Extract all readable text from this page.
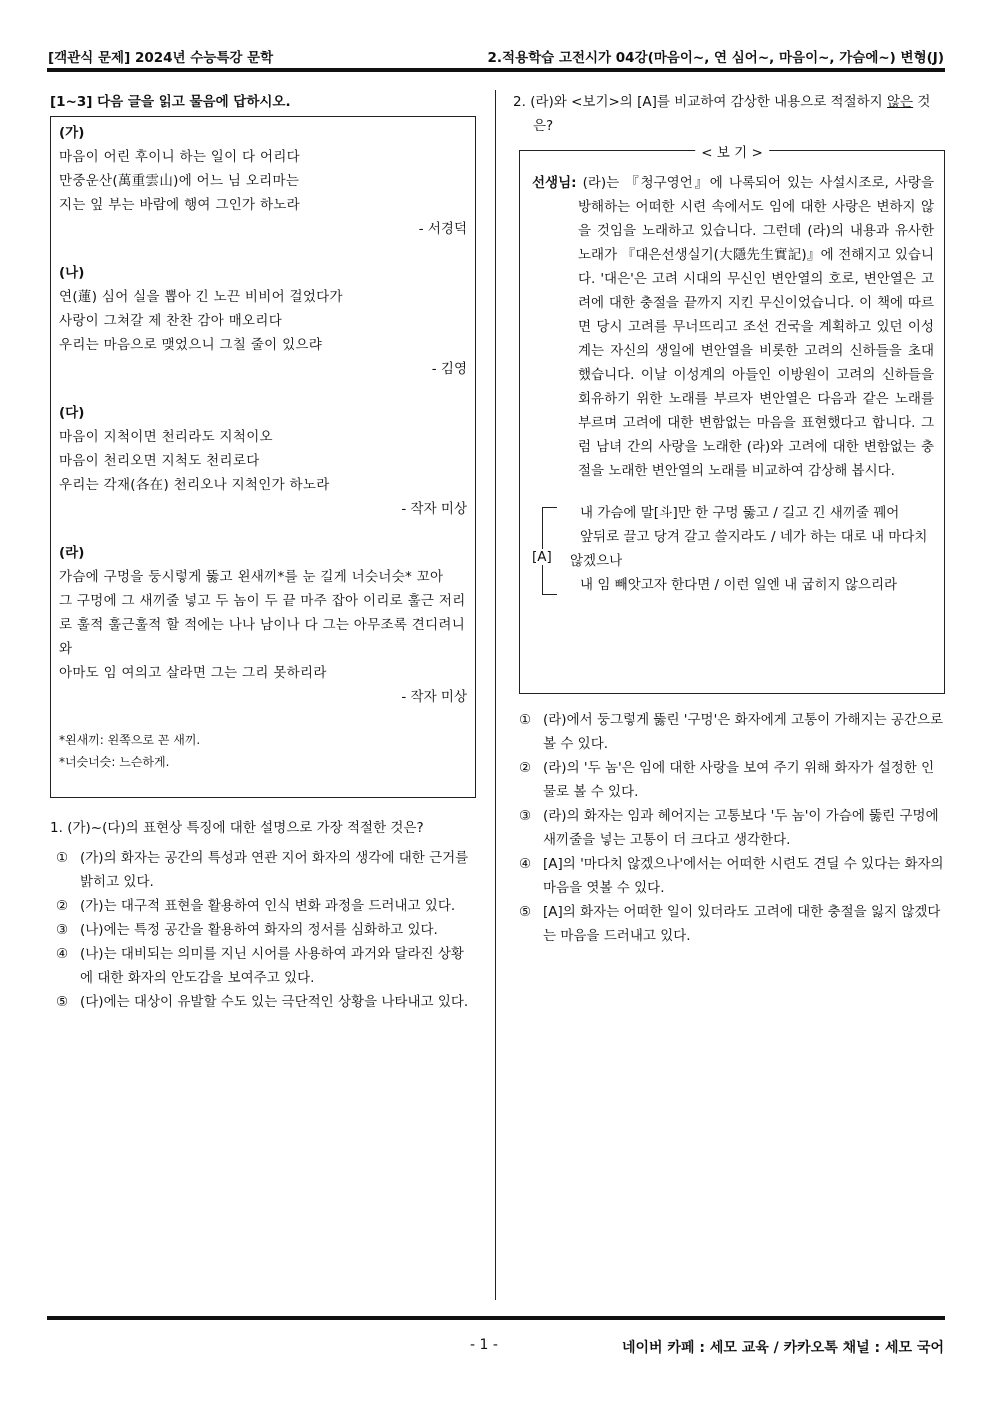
[객관식 문제] 2024년 수능특강 문학	2.적용학습 고전시가 04강(마음이~, 연 심어~, 마음이~, 가슴에~) 변형(J)
[1~3] 다음 글을 읽고 물음에 답하시오.
(가)
마음이 어린 후이니 하는 일이 다 어리다
만중운산(萬重雲山)에 어느 님 오리마는
지는 잎 부는 바람에 행여 그인가 하노라
- 서경덕
(나)
연(蓮) 심어 실을 뽑아 긴 노끈 비비어 걸었다가
사랑이 그쳐갈 제 찬찬 감아 매오리다
우리는 마음으로 맺었으니 그칠 줄이 있으랴
- 김영
(다)
마음이 지척이면 천리라도 지척이오
마음이 천리오면 지척도 천리로다
우리는 각재(各在) 천리오나 지척인가 하노라
- 작자 미상
(라)
가슴에 구멍을 둥시렇게 뚫고 왼새끼*를 눈 길게 너슷너슷* 꼬아
그 구멍에 그 새끼줄 넣고 두 놈이 두 끝 마주 잡아 이리로 훌근 저리로 훌적 훌근훌적 할 적에는 나나 남이나 다 그는 아무조록 견디려니와
아마도 임 여의고 살라면 그는 그리 못하리라
- 작자 미상
*왼새끼: 왼쪽으로 꼰 새끼.
*너슷너슷: 느슨하게.
1. (가)~(다)의 표현상 특징에 대한 설명으로 가장 적절한 것은?
① (가)의 화자는 공간의 특성과 연관 지어 화자의 생각에 대한 근거를 밝히고 있다.
② (가)는 대구적 표현을 활용하여 인식 변화 과정을 드러내고 있다.
③ (나)에는 특정 공간을 활용하여 화자의 정서를 심화하고 있다.
④ (나)는 대비되는 의미를 지닌 시어를 사용하여 과거와 달라진 상황에 대한 화자의 안도감을 보여주고 있다.
⑤ (다)에는 대상이 유발할 수도 있는 극단적인 상황을 나타내고 있다.
2. (라)와 <보기>의 [A]를 비교하여 감상한 내용으로 적절하지 않은 것은?
< 보 기 >
선생님: (라)는 『청구영언』에 나록되어 있는 사설시조로, 사랑을 방해하는 어떠한 시련 속에서도 임에 대한 사랑은 변하지 않을 것임을 노래하고 있습니다. 그런데 (라)의 내용과 유사한 노래가 『대은선생실기(大隱先生實記)』에 전해지고 있습니다. '대은'은 고려 시대의 무신인 변안열의 호로, 변안열은 고려에 대한 충절을 끝까지 지킨 무신이었습니다. 이 책에 따르면 당시 고려를 무너뜨리고 조선 건국을 계획하고 있던 이성계는 자신의 생일에 변안열을 비롯한 고려의 신하들을 초대했습니다. 이날 이성계의 아들인 이방원이 고려의 신하들을 회유하기 위한 노래를 부르자 변안열은 다음과 같은 노래를 부르며 고려에 대한 변함없는 마음을 표현했다고 합니다. 그럼 남녀 간의 사랑을 노래한 (라)와 고려에 대한 변함없는 충절을 노래한 변안열의 노래를 비교하여 감상해 봅시다.
[A]
내 가슴에 말[斗]만 한 구멍 뚫고 / 길고 긴 새끼줄 꿰어
앞뒤로 끌고 당겨 갈고 쓸지라도 / 네가 하는 대로 내 마다치 않겠으나
내 임 빼앗고자 한다면 / 이런 일엔 내 굽히지 않으리라
① (라)에서 둥그렇게 뚫린 '구멍'은 화자에게 고통이 가해지는 공간으로 볼 수 있다.
② (라)의 '두 놈'은 임에 대한 사랑을 보여 주기 위해 화자가 설정한 인물로 볼 수 있다.
③ (라)의 화자는 임과 헤어지는 고통보다 '두 놈'이 가슴에 뚫린 구멍에 새끼줄을 넣는 고통이 더 크다고 생각한다.
④ [A]의 '마다치 않겠으나'에서는 어떠한 시련도 견딜 수 있다는 화자의 마음을 엿볼 수 있다.
⑤ [A]의 화자는 어떠한 일이 있더라도 고려에 대한 충절을 잃지 않겠다는 마음을 드러내고 있다.
- 1 -	네이버 카페 : 세모 교육 / 카카오톡 채널 : 세모 국어
